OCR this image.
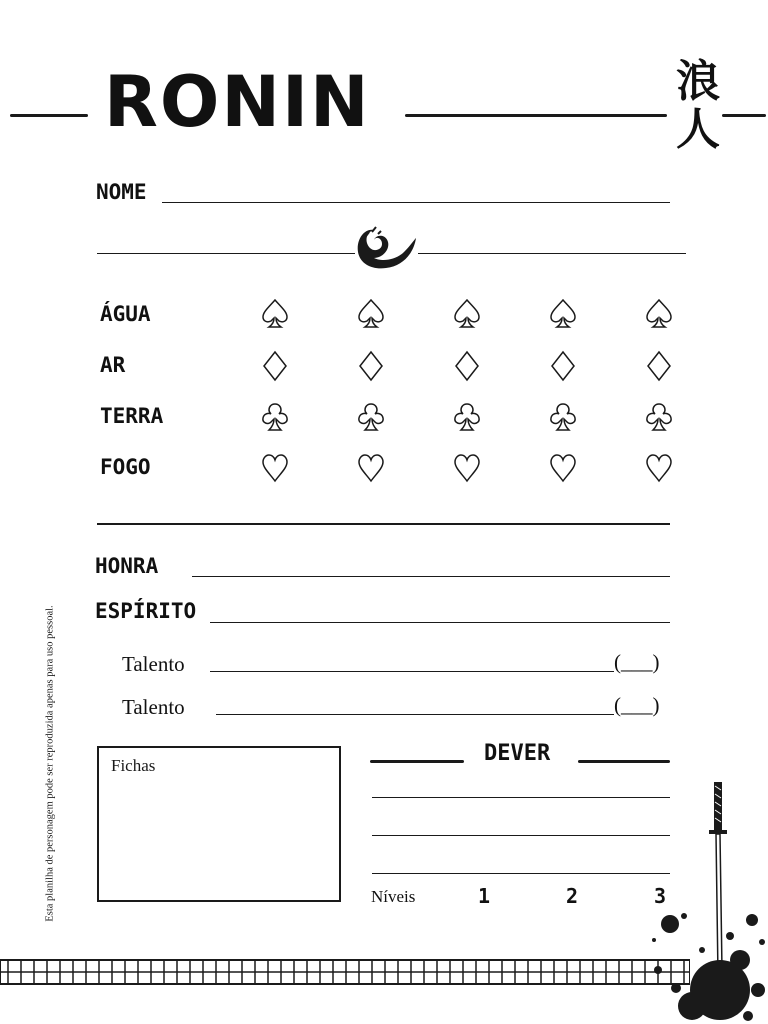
RONIN	浪
人
NOME
ÁGUA
AR
TERRA
FOGO
HONRA
ESPÍRITO
Talento	(___)
Talento	(___)
Fichas
Esta planilha de personagem pode ser reproduzida apenas para uso pessoal.	DEVER
Níveis	1	2	3
